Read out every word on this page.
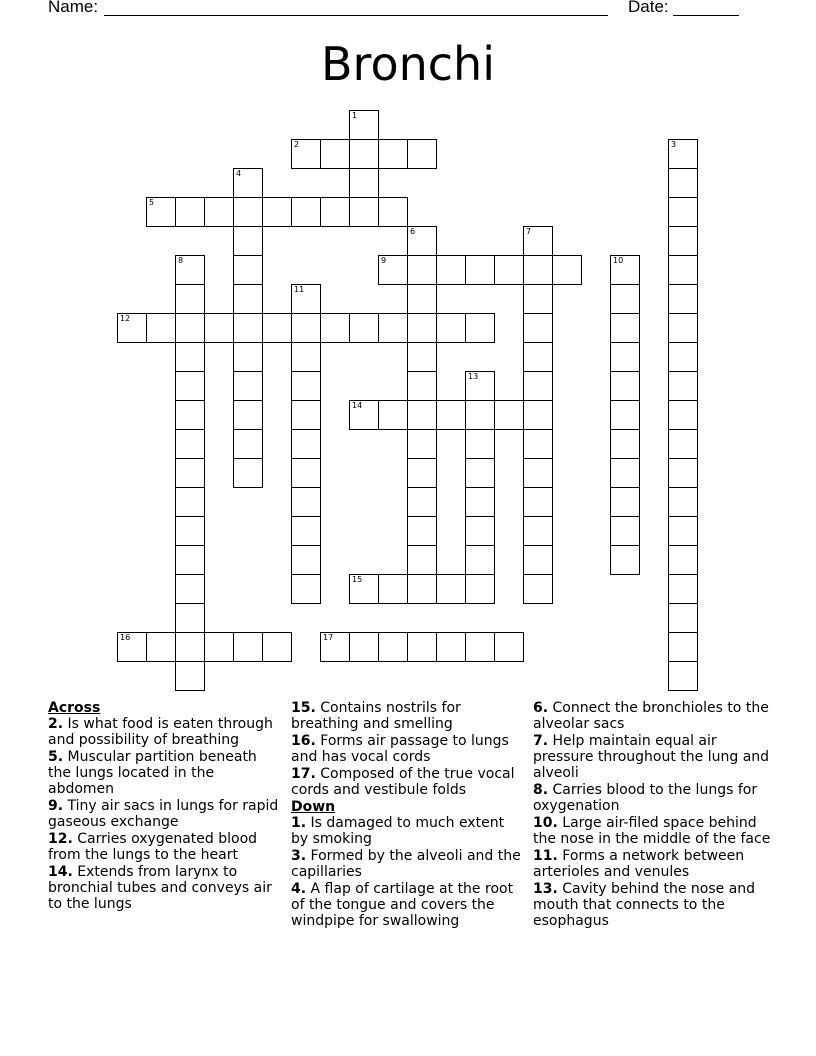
Name:	Date:
Bronchi
1
2	3
4
5
6	7
8	9	10
11
12
13
14
15
16	17

Across

2. Is what food is eaten through and possibility of breathing

5. Muscular partition beneath the lungs located in the abdomen

9. Tiny air sacs in lungs for rapid gaseous exchange

12. Carries oxygenated blood from the lungs to the heart

14. Extends from larynx to bronchial tubes and conveys air to the lungs

15. Contains nostrils for breathing and smelling

16. Forms air passage to lungs and has vocal cords

17. Composed of the true vocal cords and vestibule folds

Down

1. Is damaged to much extent by smoking

3. Formed by the alveoli and the capillaries

4. A flap of cartilage at the root of the tongue and covers the windpipe for swallowing

6. Connect the bronchioles to the alveolar sacs

7. Help maintain equal air pressure throughout the lung and alveoli

8. Carries blood to the lungs for oxygenation

10. Large air-filed space behind the nose in the middle of the face

11. Forms a network between arterioles and venules

13. Cavity behind the nose and mouth that connects to the esophagus
